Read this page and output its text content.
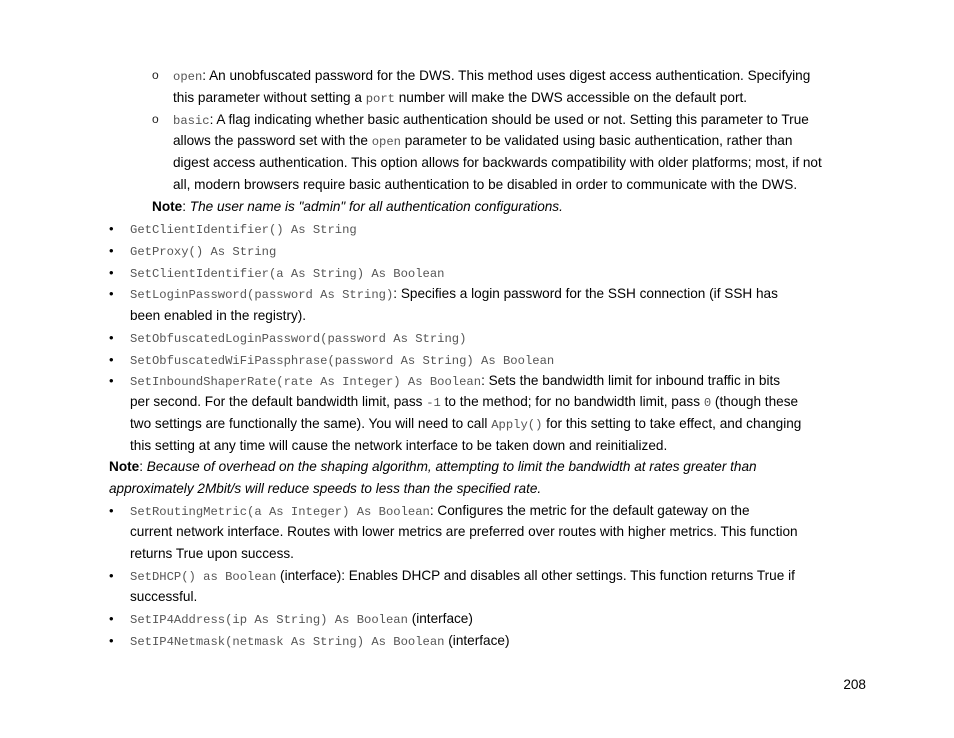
o open: An unobfuscated password for the DWS. This method uses digest access authentication. Specifying
this parameter without setting a port number will make the DWS accessible on the default port.
o basic: A flag indicating whether basic authentication should be used or not. Setting this parameter to True
allows the password set with the open parameter to be validated using basic authentication, rather than
digest access authentication. This option allows for backwards compatibility with older platforms; most, if not
all, modern browsers require basic authentication to be disabled in order to communicate with the DWS.
Note: The user name is "admin" for all authentication configurations.
• GetClientIdentifier() As String
• GetProxy() As String
• SetClientIdentifier(a As String) As Boolean
• SetLoginPassword(password As String): Specifies a login password for the SSH connection (if SSH has
been enabled in the registry).
• SetObfuscatedLoginPassword(password As String)
• SetObfuscatedWiFiPassphrase(password As String) As Boolean
• SetInboundShaperRate(rate As Integer) As Boolean: Sets the bandwidth limit for inbound traffic in bits
per second. For the default bandwidth limit, pass -1 to the method; for no bandwidth limit, pass 0 (though these
two settings are functionally the same). You will need to call Apply() for this setting to take effect, and changing
this setting at any time will cause the network interface to be taken down and reinitialized.
Note: Because of overhead on the shaping algorithm, attempting to limit the bandwidth at rates greater than
approximately 2Mbit/s will reduce speeds to less than the specified rate.
• SetRoutingMetric(a As Integer) As Boolean: Configures the metric for the default gateway on the
current network interface. Routes with lower metrics are preferred over routes with higher metrics. This function
returns True upon success.
• SetDHCP() as Boolean (interface): Enables DHCP and disables all other settings. This function returns True if
successful.
• SetIP4Address(ip As String) As Boolean (interface)
• SetIP4Netmask(netmask As String) As Boolean (interface)
208
